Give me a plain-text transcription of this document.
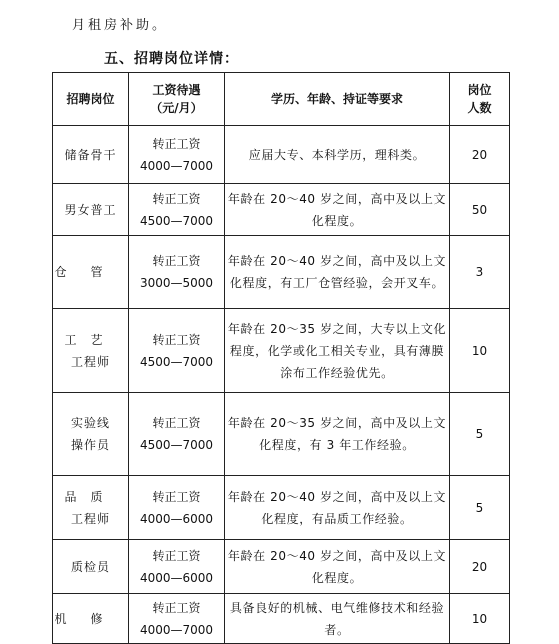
月租房补助。
五、招聘岗位详情：
招聘岗位	工资待遇
（元/月）	学历、年龄、持证等要求	岗位
人数

储备骨干	转正工资
4000—7000	应届大专、本科学历，理科类。	20

男女普工	转正工资
4500—7000	年龄在 20～40 岁之间，高中及以上文化程度。	50

仓管	转正工资
3000—5000	年龄在 20～40 岁之间，高中及以上文化程度，有工厂仓管经验，会开叉车。	3

工艺
工程师	转正工资
4500—7000	年龄在 20～35 岁之间，大专以上文化程度，化学或化工相关专业，具有薄膜涂布工作经验优先。	10

实验线
操作员	转正工资
4500—7000	年龄在 20～35 岁之间，高中及以上文化程度，有 3 年工作经验。	5

品质
工程师	转正工资
4000—6000	年龄在 20～40 岁之间，高中及以上文化程度，有品质工作经验。	5

质检员	转正工资
4000—6000	年龄在 20～40 岁之间，高中及以上文化程度。	20

机修	转正工资
4000—7000	具备良好的机械、电气维修技术和经验者。	10
